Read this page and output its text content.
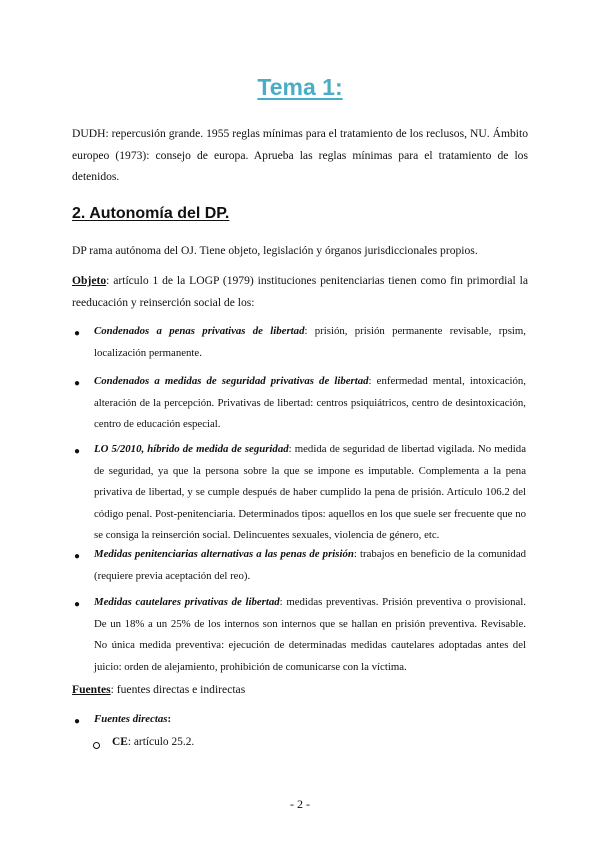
Tema 1:
DUDH: repercusión grande. 1955 reglas mínimas para el tratamiento de los reclusos, NU. Ámbito europeo (1973): consejo de europa. Aprueba las reglas mínimas para el tratamiento de los detenidos.
2. Autonomía del DP.
DP rama autónoma del OJ. Tiene objeto, legislación y órganos jurisdiccionales propios.
Objeto: artículo 1 de la LOGP (1979) instituciones penitenciarias tienen como fin primordial la reeducación y reinserción social de los:
● Condenados a penas privativas de libertad: prisión, prisión permanente revisable, rpsim, localización permanente.
● Condenados a medidas de seguridad privativas de libertad: enfermedad mental, intoxicación, alteración de la percepción. Privativas de libertad: centros psiquiátricos, centro de desintoxicación, centro de educación especial.
● LO 5/2010, híbrido de medida de seguridad: medida de seguridad de libertad vigilada. No medida de seguridad, ya que la persona sobre la que se impone es imputable. Complementa a la pena privativa de libertad, y se cumple después de haber cumplido la pena de prisión. Artículo 106.2 del código penal. Post-penitenciaria. Determinados tipos: aquellos en los que suele ser frecuente que no se consiga la reinserción social. Delincuentes sexuales, violencia de género, etc.
● Medidas penitenciarias alternativas a las penas de prisión: trabajos en beneficio de la comunidad (requiere previa aceptación del reo).
● Medidas cautelares privativas de libertad: medidas preventivas. Prisión preventiva o provisional. De un 18% a un 25% de los internos son internos que se hallan en prisión preventiva. Revisable. No única medida preventiva: ejecución de determinadas medidas cautelares adoptadas antes del juicio: orden de alejamiento, prohibición de comunicarse con la víctima.
Fuentes: fuentes directas e indirectas
● Fuentes directas:
CE: artículo 25.2.
- 2 -
